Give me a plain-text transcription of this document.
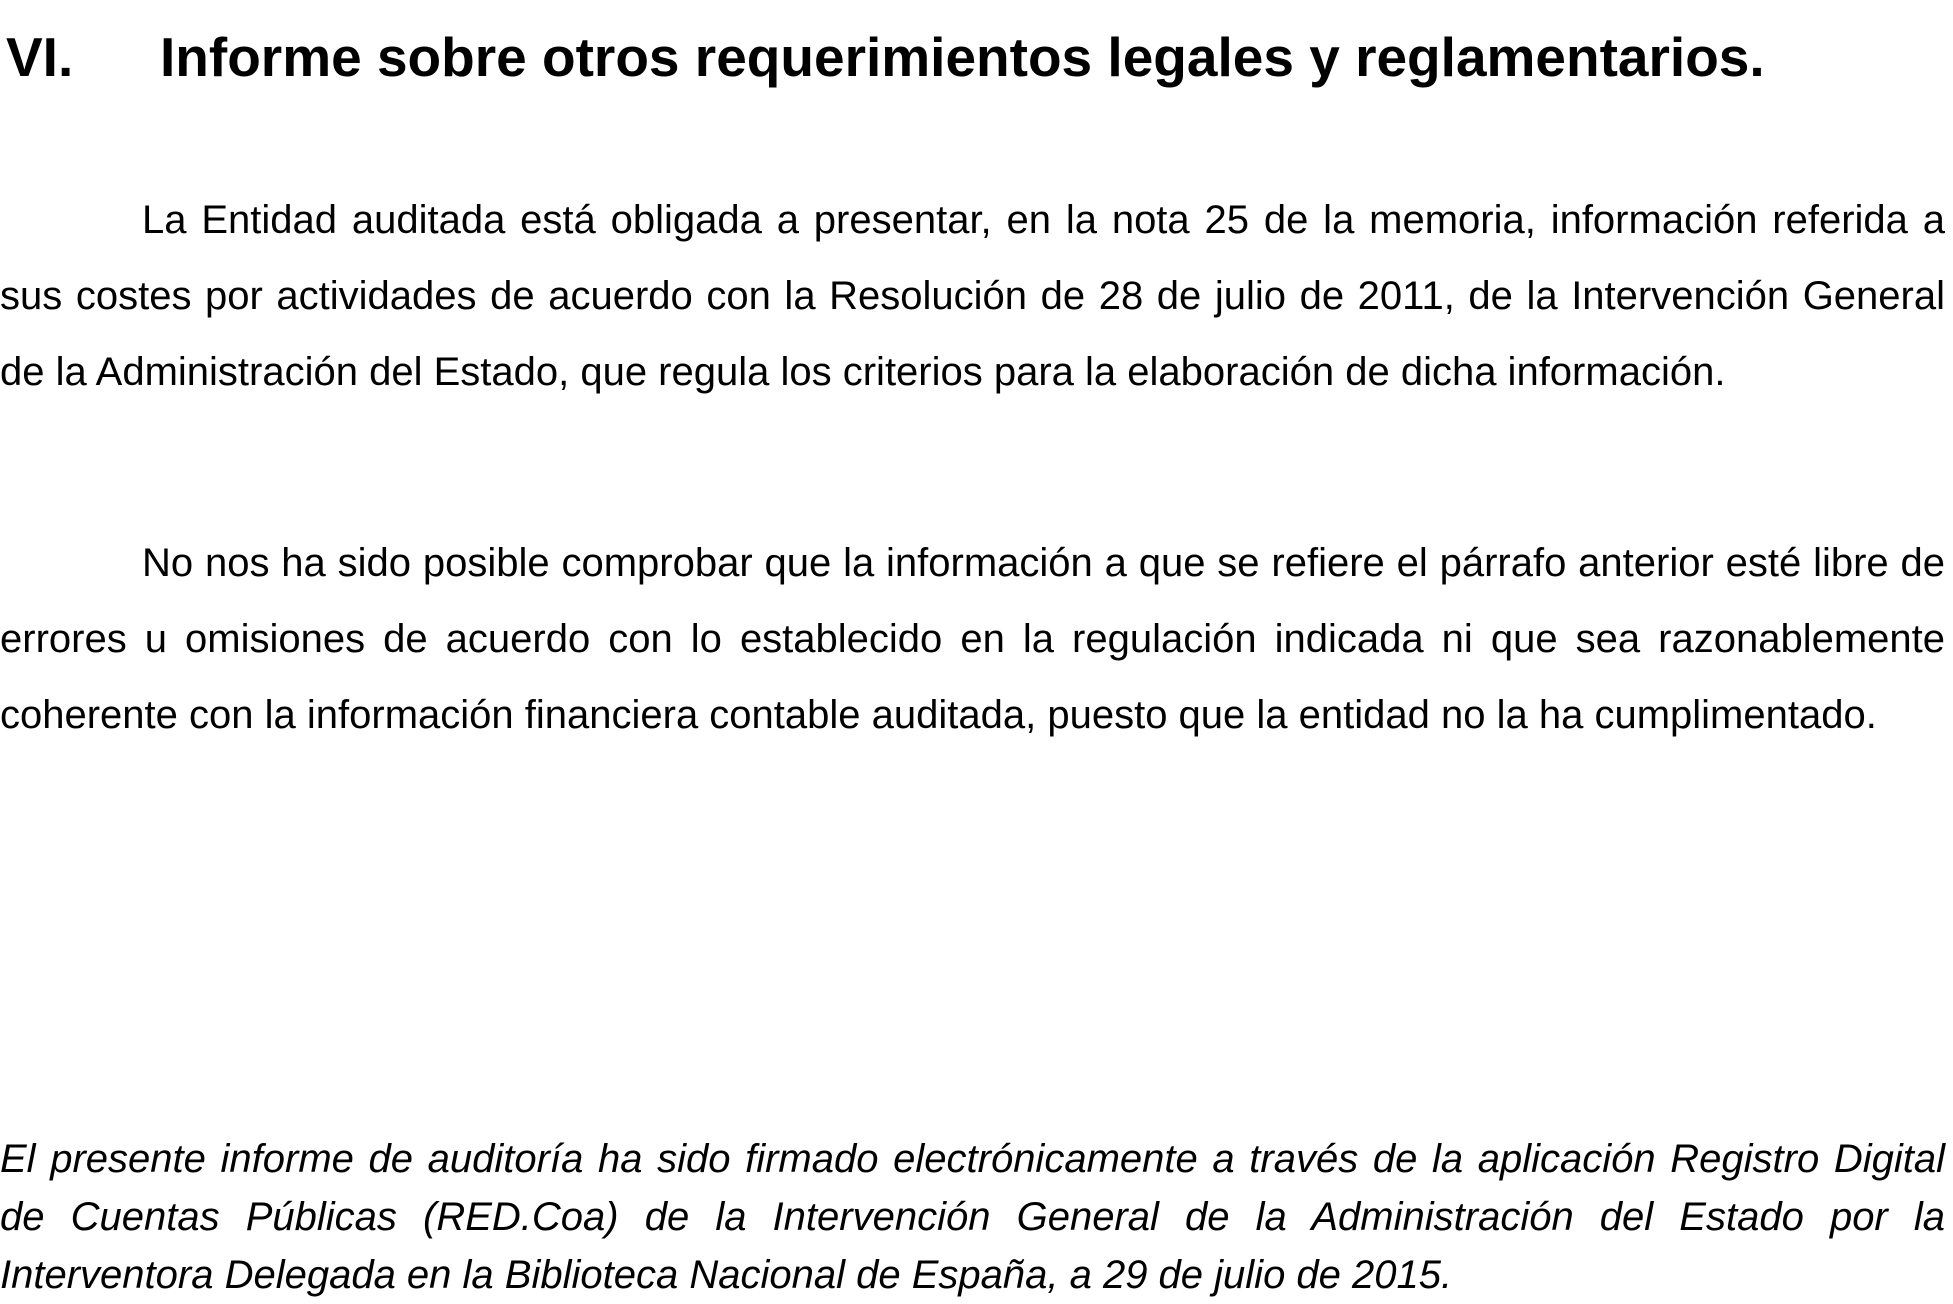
VI. Informe sobre otros requerimientos legales y reglamentarios.

La Entidad auditada está obligada a presentar, en la nota 25 de la memoria, información referida a sus costes por actividades de acuerdo con la Resolución de 28 de julio de 2011, de la Intervención General de la Administración del Estado, que regula los criterios para la elaboración de dicha información.

No nos ha sido posible comprobar que la información a que se refiere el párrafo anterior esté libre de errores u omisiones de acuerdo con lo establecido en la regulación indicada ni que sea razonablemente coherente con la información financiera contable auditada, puesto que la entidad no la ha cumplimentado.

El presente informe de auditoría ha sido firmado electrónicamente a través de la aplicación Registro Digital de Cuentas Públicas (RED.Coa) de la Intervención General de la Administración del Estado por la Interventora Delegada en la Biblioteca Nacional de España, a 29 de julio de 2015.
